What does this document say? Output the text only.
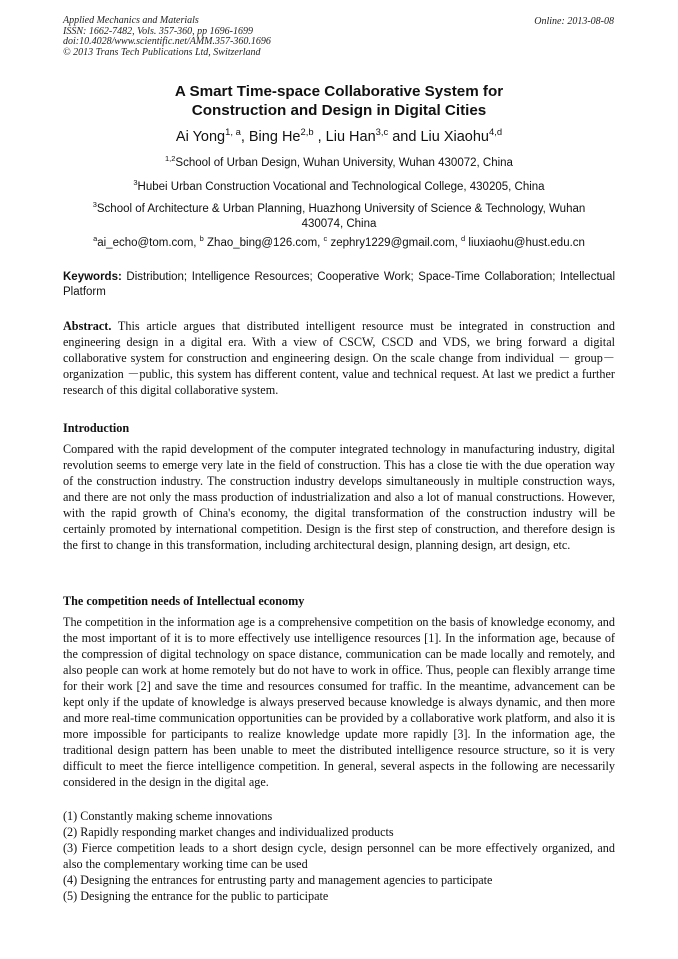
Applied Mechanics and Materials
ISSN: 1662-7482, Vols. 357-360, pp 1696-1699
doi:10.4028/www.scientific.net/AMM.357-360.1696
© 2013 Trans Tech Publications Ltd, Switzerland
Online: 2013-08-08
A Smart Time-space Collaborative System for
Construction and Design in Digital Cities
Ai Yong$^{1, a}$, Bing He$^{2,b}$ , Liu Han$^{3,c}$ and Liu Xiaohu$^{4,d}$
$^{1,2}$School of Urban Design, Wuhan University, Wuhan 430072, China
$^3$Hubei Urban Construction Vocational and Technological College, 430205, China
$^3$School of Architecture & Urban Planning, Huazhong University of Science & Technology, Wuhan
430074, China
$^a$ai_echo@tom.com, $^b$ Zhao_bing@126.com, $^c$ zephry1229@gmail.com, $^d$ liuxiaohu@hust.edu.cn
Keywords: Distribution; Intelligence Resources; Cooperative Work; Space-Time Collaboration; Intellectual Platform
Abstract. This article argues that distributed intelligent resource must be integrated in construction and engineering design in a digital era. With a view of CSCW, CSCD and VDS, we bring forward a digital collaborative system for construction and engineering design. On the scale change from individual － group－ organization －public, this system has different content, value and technical request. At last we predict a further research of this digital collaborative system.
Introduction
Compared with the rapid development of the computer integrated technology in manufacturing industry, digital revolution seems to emerge very late in the field of construction. This has a close tie with the due operation way of the construction industry. The construction industry develops simultaneously in multiple construction ways, and there are not only the mass production of industrialization and also a lot of manual constructions. However, with the rapid growth of China's economy, the digital transformation of the construction industry will be certainly promoted by international competition. Design is the first step of construction, and therefore design is the first to change in this transformation, including architectural design, planning design, art design, etc.
The competition needs of Intellectual economy
The competition in the information age is a comprehensive competition on the basis of knowledge economy, and the most important of it is to more effectively use intelligence resources [1]. In the information age, because of the compression of digital technology on space distance, communication can be made locally and remotely, and also people can work at home remotely but do not have to work in office. Thus, people can flexibly arrange time for their work [2] and save the time and resources consumed for traffic. In the meantime, advancement can be kept only if the update of knowledge is always preserved because knowledge is always dynamic, and then more and more real-time communication opportunities can be provided by a collaborative work platform, and also it is more impossible for participants to realize knowledge update more rapidly [3]. In the information age, the traditional design pattern has been unable to meet the distributed intelligence resource structure, so it is very difficult to meet the fierce intelligence competition. In general, several aspects in the following are necessarily considered in the design in the digital age.
(1) Constantly making scheme innovations
(2) Rapidly responding market changes and individualized products
(3) Fierce competition leads to a short design cycle, design personnel can be more effectively organized, and also the complementary working time can be used
(4) Designing the entrances for entrusting party and management agencies to participate
(5) Designing the entrance for the public to participate
